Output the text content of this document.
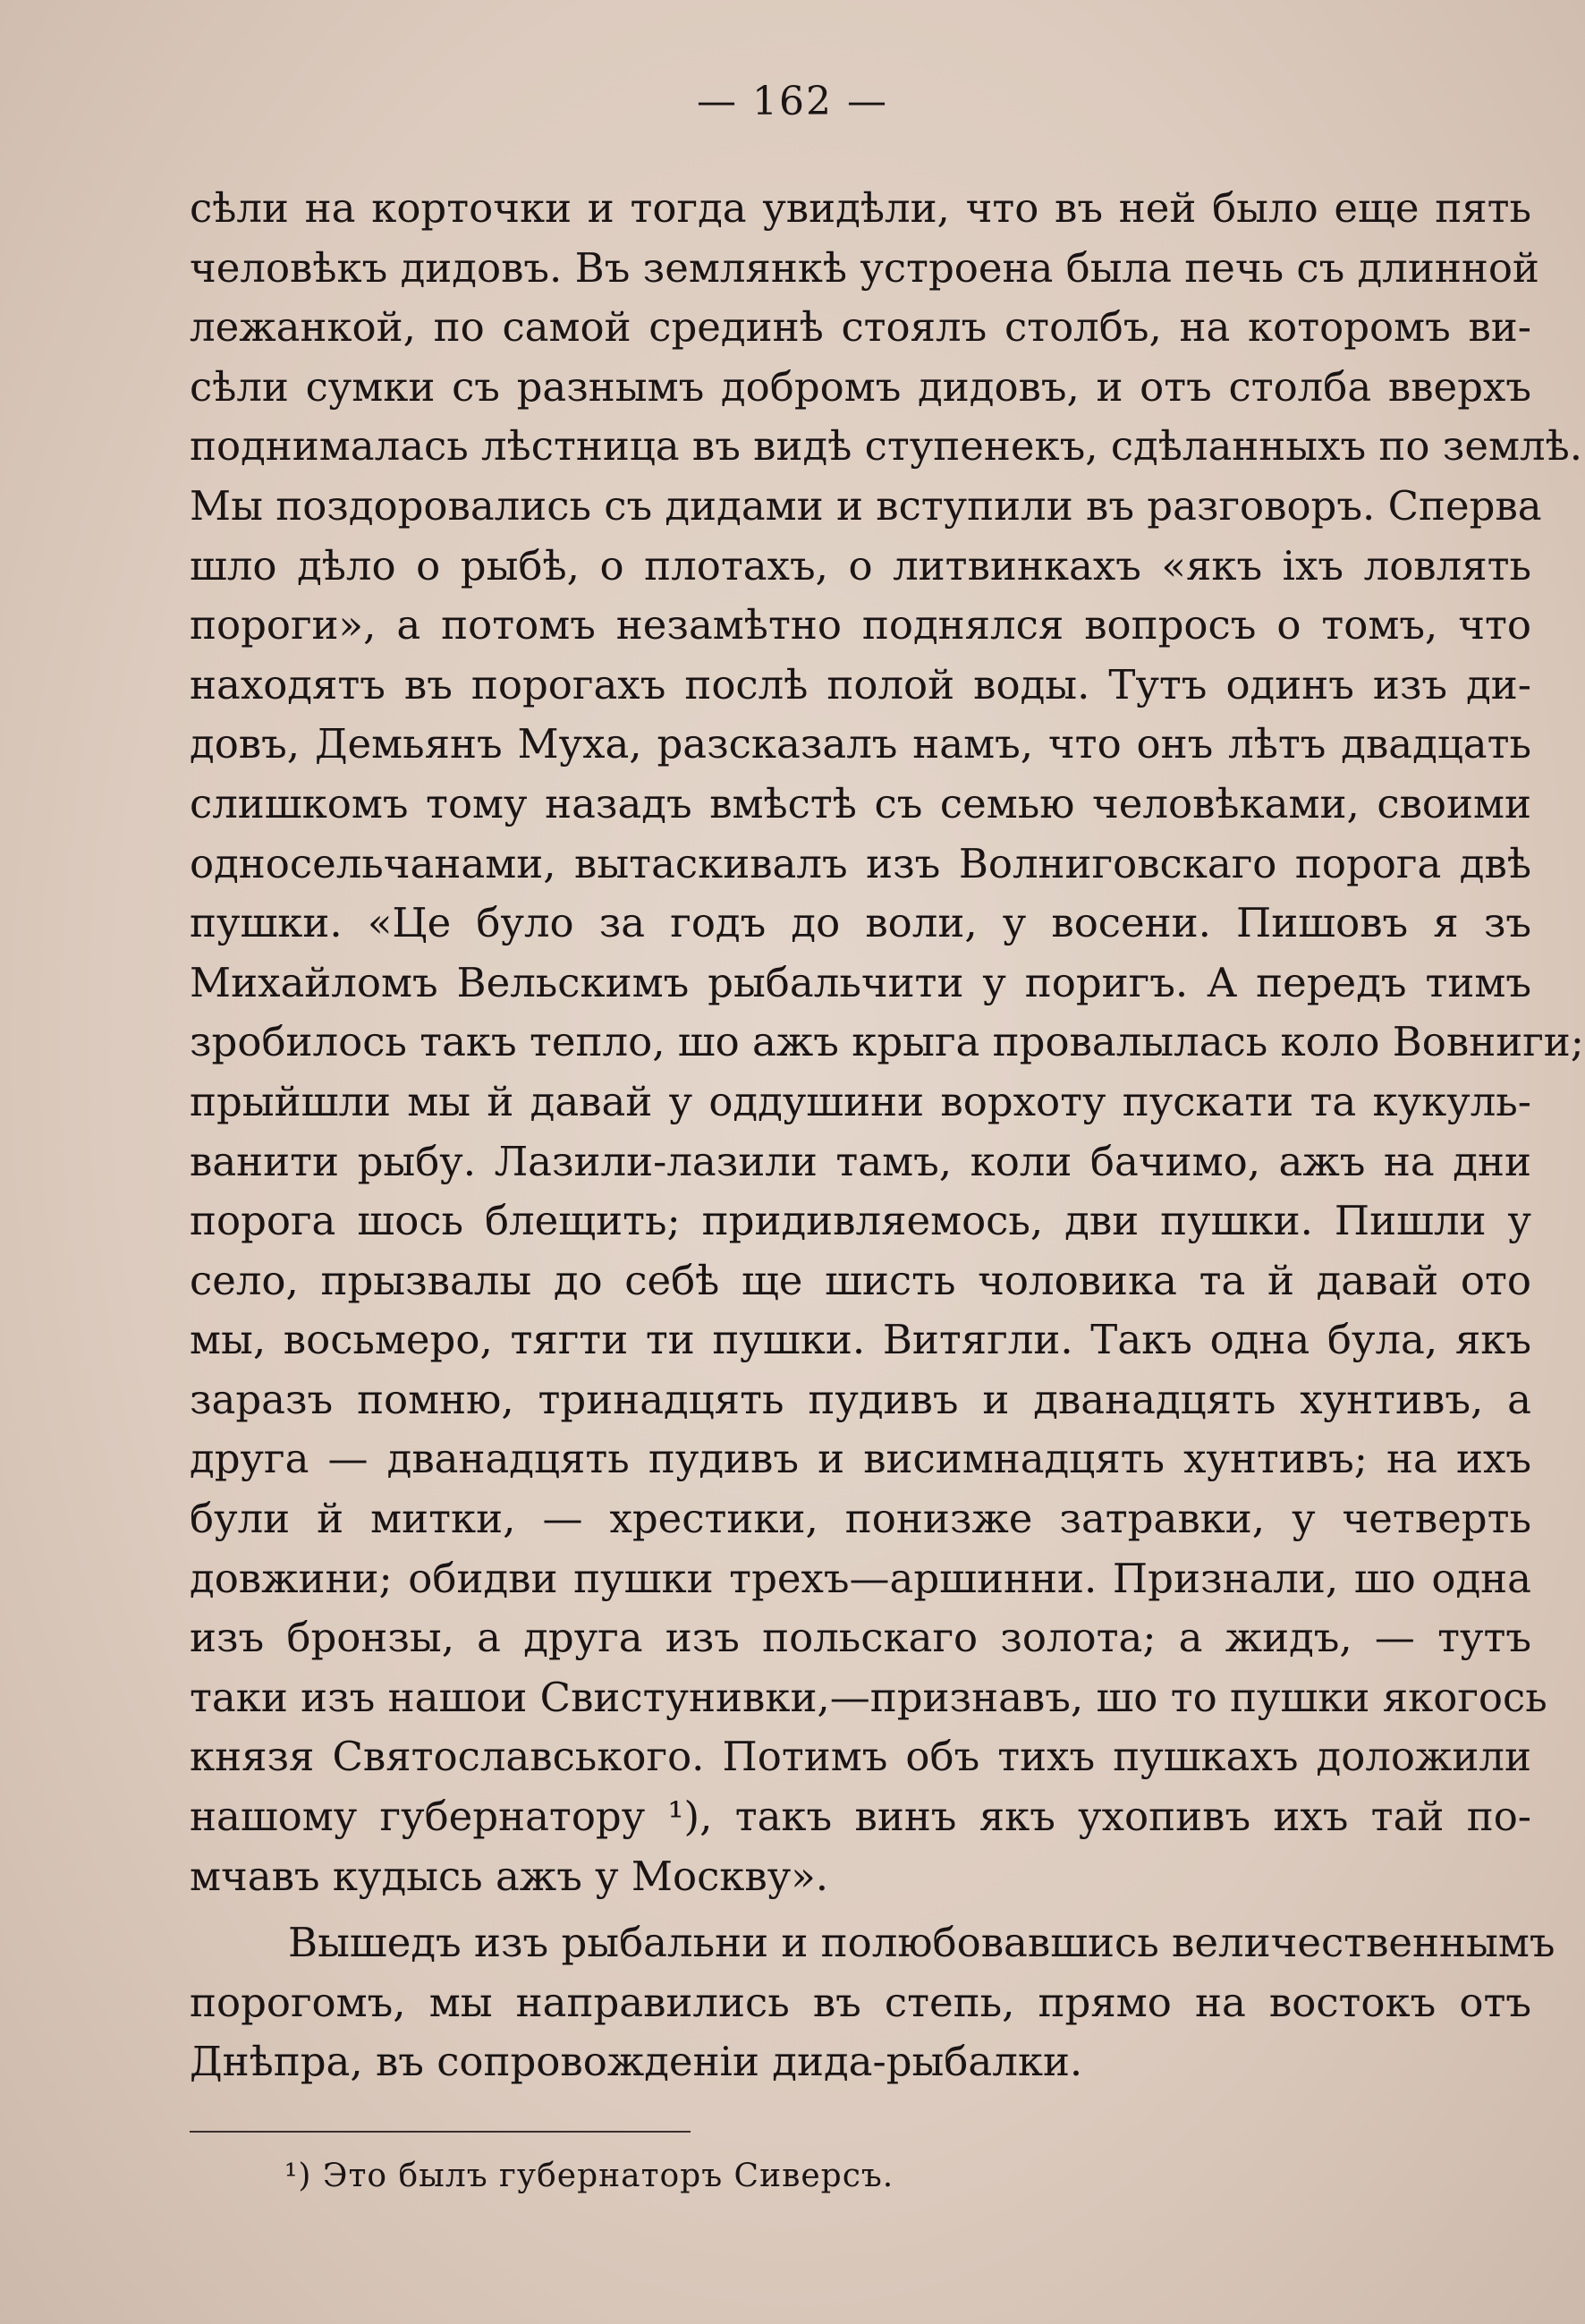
— 162 —
сѣли на корточки и тогда увидѣли, что въ ней было еще пять
человѣкъ дидовъ. Въ землянкѣ устроена была печь съ длинной
лежанкой, по самой срединѣ стоялъ столбъ, на которомъ ви-
сѣли сумки съ разнымъ добромъ дидовъ, и отъ столба вверхъ
поднималась лѣстница въ видѣ ступенекъ, сдѣланныхъ по землѣ.
Мы поздоровались съ дидами и вступили въ разговоръ. Сперва
шло дѣло о рыбѣ, о плотахъ, о литвинкахъ «якъ іхъ ловлять
пороги», а потомъ незамѣтно поднялся вопросъ о томъ, что
находятъ въ порогахъ послѣ полой воды. Тутъ одинъ изъ ди-
довъ, Демьянъ Муха, разсказалъ намъ, что онъ лѣтъ двадцать
слишкомъ тому назадъ вмѣстѣ съ семью человѣками, своими
односельчанами, вытаскивалъ изъ Волниговскаго порога двѣ
пушки. «Це було за годъ до воли, у восени. Пишовъ я зъ
Михайломъ Вельскимъ рыбальчити у поригъ. А передъ тимъ
зробилось такъ тепло, шо ажъ крыга провалылась коло Вовниги;
прыйшли мы й давай у оддушини ворхоту пускати та кукуль-
ванити рыбу. Лазили-лазили тамъ, коли бачимо, ажъ на дни
порога шось блещить; придивляемось, дви пушки. Пишли у
село, прызвалы до себѣ ще шисть чоловика та й давай ото
мы, восьмеро, тягти ти пушки. Витягли. Такъ одна була, якъ
заразъ помню, тринадцять пудивъ и дванадцять хунтивъ, а
друга — дванадцять пудивъ и висимнадцять хунтивъ; на ихъ
були й митки, — хрестики, понизже затравки, у четверть
довжини; обидви пушки трехъ—аршинни. Признали, шо одна
изъ бронзы, а друга изъ польскаго золота; а жидъ, — тутъ
таки изъ нашои Свистунивки,—признавъ, шо то пушки якогось
князя Святославського. Потимъ объ тихъ пушкахъ доложили
нашому губернатору ¹), такъ винъ якъ ухопивъ ихъ тай по-
мчавъ кудысь ажъ у Москву».
Вышедъ изъ рыбальни и полюбовавшись величественнымъ
порогомъ, мы направились въ степь, прямо на востокъ отъ
Днѣпра, въ сопровожденіи дида-рыбалки.
¹) Это былъ губернаторъ Сиверсъ.
